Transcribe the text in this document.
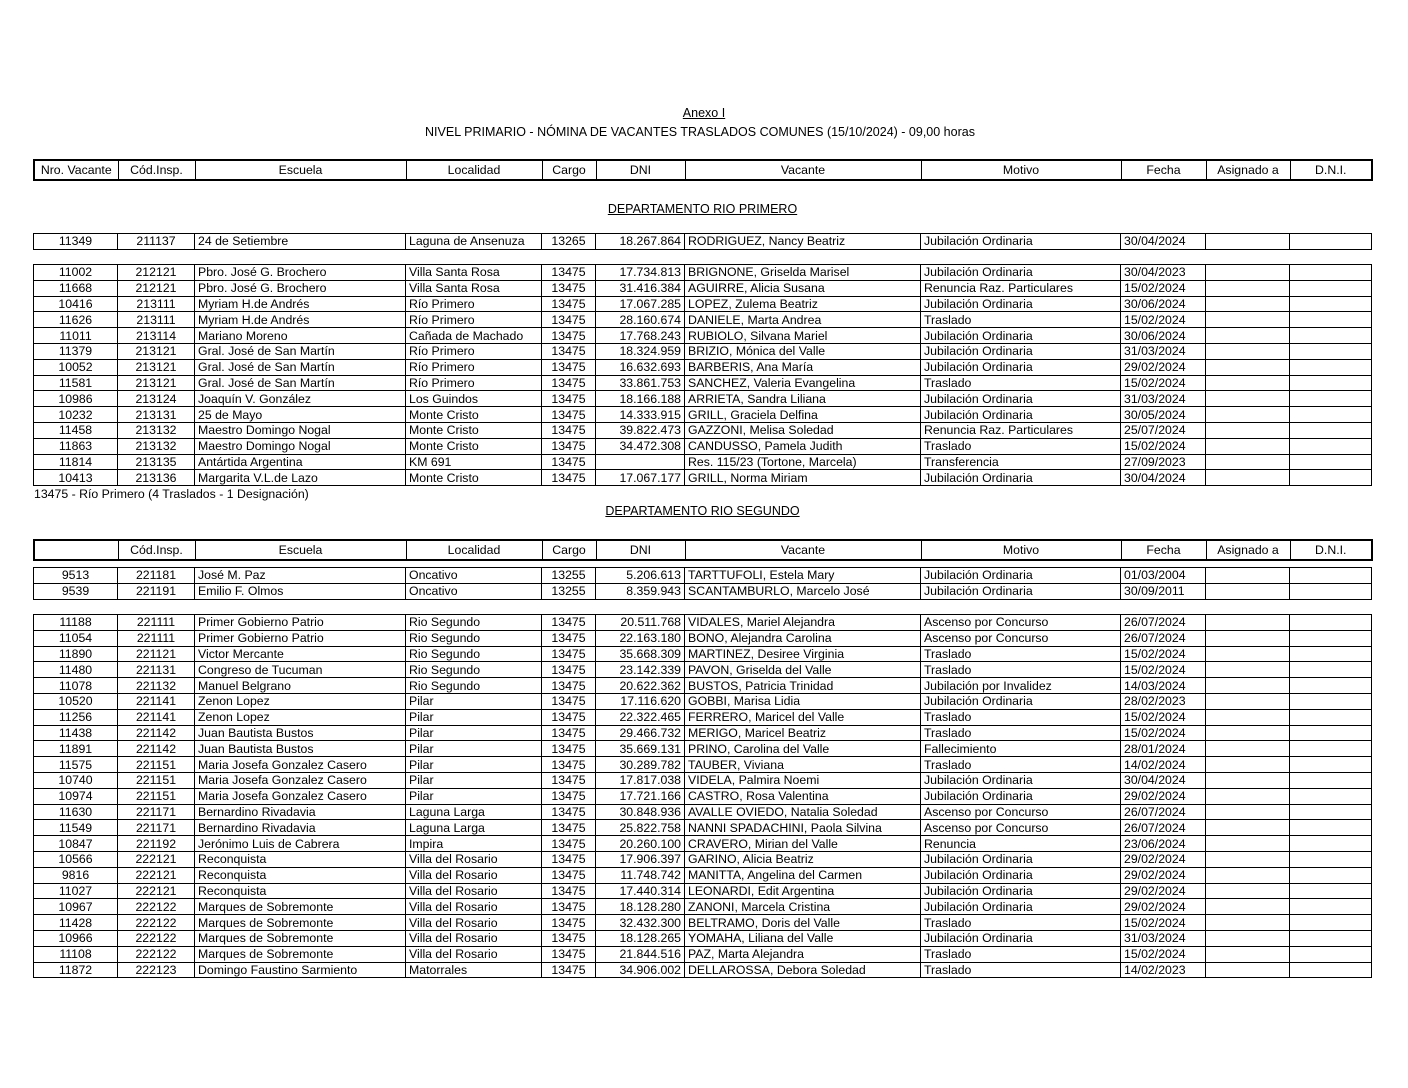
Anexo I
NIVEL PRIMARIO - NÓMINA DE VACANTES TRASLADOS COMUNES (15/10/2024) - 09,00 horas
Nro. Vacante	Cód.Insp.	Escuela	Localidad	Cargo	DNI	Vacante	Motivo	Fecha	Asignado a	D.N.I.
DEPARTAMENTO RIO PRIMERO
11349	211137	24 de Setiembre	Laguna de Ansenuza	13265	18.267.864	RODRIGUEZ, Nancy Beatriz	Jubilación Ordinaria	30/04/2024		
11002	212121	Pbro. José G. Brochero	Villa Santa Rosa	13475	17.734.813	BRIGNONE, Griselda Marisel	Jubilación Ordinaria	30/04/2023		
11668	212121	Pbro. José G. Brochero	Villa Santa Rosa	13475	31.416.384	AGUIRRE, Alicia Susana	Renuncia Raz. Particulares	15/02/2024		
10416	213111	Myriam H.de Andrés	Río Primero	13475	17.067.285	LOPEZ, Zulema Beatriz	Jubilación Ordinaria	30/06/2024		
11626	213111	Myriam H.de Andrés	Río Primero	13475	28.160.674	DANIELE, Marta Andrea	Traslado	15/02/2024		
11011	213114	Mariano Moreno	Cañada de Machado	13475	17.768.243	RUBIOLO, Silvana Mariel	Jubilación Ordinaria	30/06/2024		
11379	213121	Gral. José de San Martín	Río Primero	13475	18.324.959	BRIZIO, Mónica del Valle	Jubilación Ordinaria	31/03/2024		
10052	213121	Gral. José de San Martín	Río Primero	13475	16.632.693	BARBERIS, Ana María	Jubilación Ordinaria	29/02/2024		
11581	213121	Gral. José de San Martín	Río Primero	13475	33.861.753	SANCHEZ, Valeria Evangelina	Traslado	15/02/2024		
10986	213124	Joaquín V. González	Los Guindos	13475	18.166.188	ARRIETA, Sandra Liliana	Jubilación Ordinaria	31/03/2024		
10232	213131	25 de Mayo	Monte Cristo	13475	14.333.915	GRILL, Graciela Delfina	Jubilación Ordinaria	30/05/2024		
11458	213132	Maestro Domingo Nogal	Monte Cristo	13475	39.822.473	GAZZONI, Melisa Soledad	Renuncia Raz. Particulares	25/07/2024		
11863	213132	Maestro Domingo Nogal	Monte Cristo	13475	34.472.308	CANDUSSO, Pamela Judith	Traslado	15/02/2024		
11814	213135	Antártida Argentina	KM 691	13475		Res. 115/23 (Tortone, Marcela)	Transferencia	27/09/2023		
10413	213136	Margarita V.L.de Lazo	Monte Cristo	13475	17.067.177	GRILL, Norma Miriam	Jubilación Ordinaria	30/04/2024		
13475 - Río Primero (4 Traslados - 1 Designación)
DEPARTAMENTO RIO SEGUNDO
	Cód.Insp.	Escuela	Localidad	Cargo	DNI	Vacante	Motivo	Fecha	Asignado a	D.N.I.
9513	221181	José M. Paz	Oncativo	13255	5.206.613	TARTTUFOLI, Estela Mary	Jubilación Ordinaria	01/03/2004		
9539	221191	Emilio F. Olmos	Oncativo	13255	8.359.943	SCANTAMBURLO, Marcelo José	Jubilación Ordinaria	30/09/2011		
11188	221111	Primer Gobierno Patrio	Rio Segundo	13475	20.511.768	VIDALES, Mariel Alejandra	Ascenso por Concurso	26/07/2024		
11054	221111	Primer Gobierno Patrio	Rio Segundo	13475	22.163.180	BONO, Alejandra Carolina	Ascenso por Concurso	26/07/2024		
11890	221121	Victor Mercante	Rio Segundo	13475	35.668.309	MARTINEZ, Desiree Virginia	Traslado	15/02/2024		
11480	221131	Congreso de Tucuman	Rio Segundo	13475	23.142.339	PAVON, Griselda del Valle	Traslado	15/02/2024		
11078	221132	Manuel Belgrano	Rio Segundo	13475	20.622.362	BUSTOS, Patricia Trinidad	Jubilación por Invalidez	14/03/2024		
10520	221141	Zenon Lopez	Pilar	13475	17.116.620	GOBBI, Marisa Lidia	Jubilación Ordinaria	28/02/2023		
11256	221141	Zenon Lopez	Pilar	13475	22.322.465	FERRERO, Maricel del Valle	Traslado	15/02/2024		
11438	221142	Juan Bautista Bustos	Pilar	13475	29.466.732	MERIGO, Maricel Beatriz	Traslado	15/02/2024		
11891	221142	Juan Bautista Bustos	Pilar	13475	35.669.131	PRINO, Carolina del Valle	Fallecimiento	28/01/2024		
11575	221151	Maria Josefa Gonzalez Casero	Pilar	13475	30.289.782	TAUBER, Viviana	Traslado	14/02/2024		
10740	221151	Maria Josefa Gonzalez Casero	Pilar	13475	17.817.038	VIDELA, Palmira Noemi	Jubilación Ordinaria	30/04/2024		
10974	221151	Maria Josefa Gonzalez Casero	Pilar	13475	17.721.166	CASTRO, Rosa Valentina	Jubilación Ordinaria	29/02/2024		
11630	221171	Bernardino Rivadavia	Laguna Larga	13475	30.848.936	AVALLE OVIEDO, Natalia Soledad	Ascenso por Concurso	26/07/2024		
11549	221171	Bernardino Rivadavia	Laguna Larga	13475	25.822.758	NANNI SPADACHINI, Paola Silvina	Ascenso por Concurso	26/07/2024		
10847	221192	Jerónimo Luis de Cabrera	Impira	13475	20.260.100	CRAVERO, Mirian del Valle	Renuncia	23/06/2024		
10566	222121	Reconquista	Villa del Rosario	13475	17.906.397	GARINO, Alicia Beatriz	Jubilación Ordinaria	29/02/2024		
9816	222121	Reconquista	Villa del Rosario	13475	11.748.742	MANITTA, Angelina del Carmen	Jubilación Ordinaria	29/02/2024		
11027	222121	Reconquista	Villa del Rosario	13475	17.440.314	LEONARDI, Edit Argentina	Jubilación Ordinaria	29/02/2024		
10967	222122	Marques de Sobremonte	Villa del Rosario	13475	18.128.280	ZANONI, Marcela Cristina	Jubilación Ordinaria	29/02/2024		
11428	222122	Marques de Sobremonte	Villa del Rosario	13475	32.432.300	BELTRAMO, Doris del Valle	Traslado	15/02/2024		
10966	222122	Marques de Sobremonte	Villa del Rosario	13475	18.128.265	YOMAHA, Liliana del Valle	Jubilación Ordinaria	31/03/2024		
11108	222122	Marques de Sobremonte	Villa del Rosario	13475	21.844.516	PAZ, Marta Alejandra	Traslado	15/02/2024		
11872	222123	Domingo Faustino Sarmiento	Matorrales	13475	34.906.002	DELLAROSSA, Debora Soledad	Traslado	14/02/2023		
